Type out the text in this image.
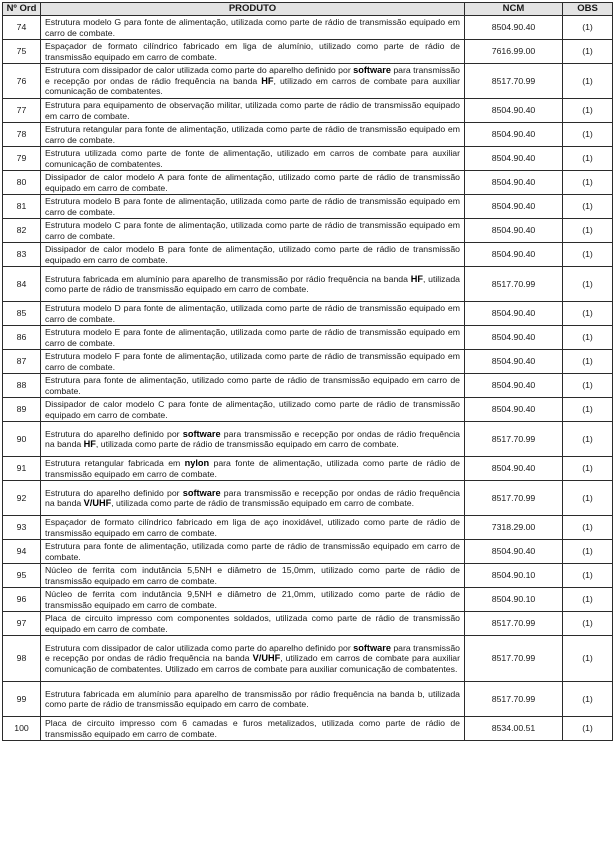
Nº Ord	PRODUTO	NCM	OBS
74	Estrutura modelo G para fonte de alimentação, utilizada como parte de rádio de transmissão equipado em carro de combate.	8504.90.40	(1)
75	Espaçador de formato cilíndrico fabricado em liga de alumínio, utilizado como parte de rádio de transmissão equipado em carro de combate.	7616.99.00	(1)
76	Estrutura com dissipador de calor utilizada como parte do aparelho definido por software para transmissão e recepção por ondas de rádio frequência na banda HF, utilizado em carros de combate para auxiliar comunicação de combatentes.	8517.70.99	(1)
77	Estrutura para equipamento de observação militar, utilizada como parte de rádio de transmissão equipado em carro de combate.	8504.90.40	(1)
78	Estrutura retangular para fonte de alimentação, utilizada como parte de rádio de transmissão equipado em carro de combate.	8504.90.40	(1)
79	Estrutura utilizada como parte de fonte de alimentação, utilizado em carros de combate para auxiliar comunicação de combatentes.	8504.90.40	(1)
80	Dissipador de calor modelo A para fonte de alimentação, utilizado como parte de rádio de transmissão equipado em carro de combate.	8504.90.40	(1)
81	Estrutura modelo B para fonte de alimentação, utilizada como parte de rádio de transmissão equipado em carro de combate.	8504.90.40	(1)
82	Estrutura modelo C para fonte de alimentação, utilizada como parte de rádio de transmissão equipado em carro de combate.	8504.90.40	(1)
83	Dissipador de calor modelo B para fonte de alimentação, utilizado como parte de rádio de transmissão equipado em carro de combate.	8504.90.40	(1)
84	Estrutura fabricada em alumínio para aparelho de transmissão por rádio frequência na banda HF, utilizada como parte de rádio de transmissão equipado em carro de combate.	8517.70.99	(1)
85	Estrutura modelo D para fonte de alimentação, utilizada como parte de rádio de transmissão equipado em carro de combate.	8504.90.40	(1)
86	Estrutura modelo E para fonte de alimentação, utilizada como parte de rádio de transmissão equipado em carro de combate.	8504.90.40	(1)
87	Estrutura modelo F para fonte de alimentação, utilizada como parte de rádio de transmissão equipado em carro de combate.	8504.90.40	(1)
88	Estrutura para fonte de alimentação, utilizado como parte de rádio de transmissão equipado em carro de combate.	8504.90.40	(1)
89	Dissipador de calor modelo C para fonte de alimentação, utilizado como parte de rádio de transmissão equipado em carro de combate.	8504.90.40	(1)
90	Estrutura do aparelho definido por software para transmissão e recepção por ondas de rádio frequência na banda HF, utilizada como parte de rádio de transmissão equipado em carro de combate.	8517.70.99	(1)
91	Estrutura retangular fabricada em nylon para fonte de alimentação, utilizada como parte de rádio de transmissão equipado em carro de combate.	8504.90.40	(1)
92	Estrutura do aparelho definido por software para transmissão e recepção por ondas de rádio frequência na banda V/UHF, utilizada como parte de rádio de transmissão equipado em carro de combate.	8517.70.99	(1)
93	Espaçador de formato cilíndrico fabricado em liga de aço inoxidável, utilizado como parte de rádio de transmissão equipado em carro de combate.	7318.29.00	(1)
94	Estrutura para fonte de alimentação, utilizada como parte de rádio de transmissão equipado em carro de combate.	8504.90.40	(1)
95	Núcleo de ferrita com indutância 5,5NH e diâmetro de 15,0mm, utilizado como parte de rádio de transmissão equipado em carro de combate.	8504.90.10	(1)
96	Núcleo de ferrita com indutância 9,5NH e diâmetro de 21,0mm, utilizado como parte de rádio de transmissão equipado em carro de combate.	8504.90.10	(1)
97	Placa de circuito impresso com componentes soldados, utilizada como parte de rádio de transmissão equipado em carro de combate.	8517.70.99	(1)
98	Estrutura com dissipador de calor utilizada como parte do aparelho definido por software para transmissão e recepção por ondas de rádio frequência na banda V/UHF, utilizado em carros de combate para auxiliar comunicação de combatentes. Utilizado em carros de combate para auxiliar comunicação de combatentes.	8517.70.99	(1)
99	Estrutura fabricada em alumínio para aparelho de transmissão por rádio frequência na banda b, utilizada como parte de rádio de transmissão equipado em carro de combate.	8517.70.99	(1)
100	Placa de circuito impresso com 6 camadas e furos metalizados, utilizada como parte de rádio de transmissão equipado em carro de combate.	8534.00.51	(1)
